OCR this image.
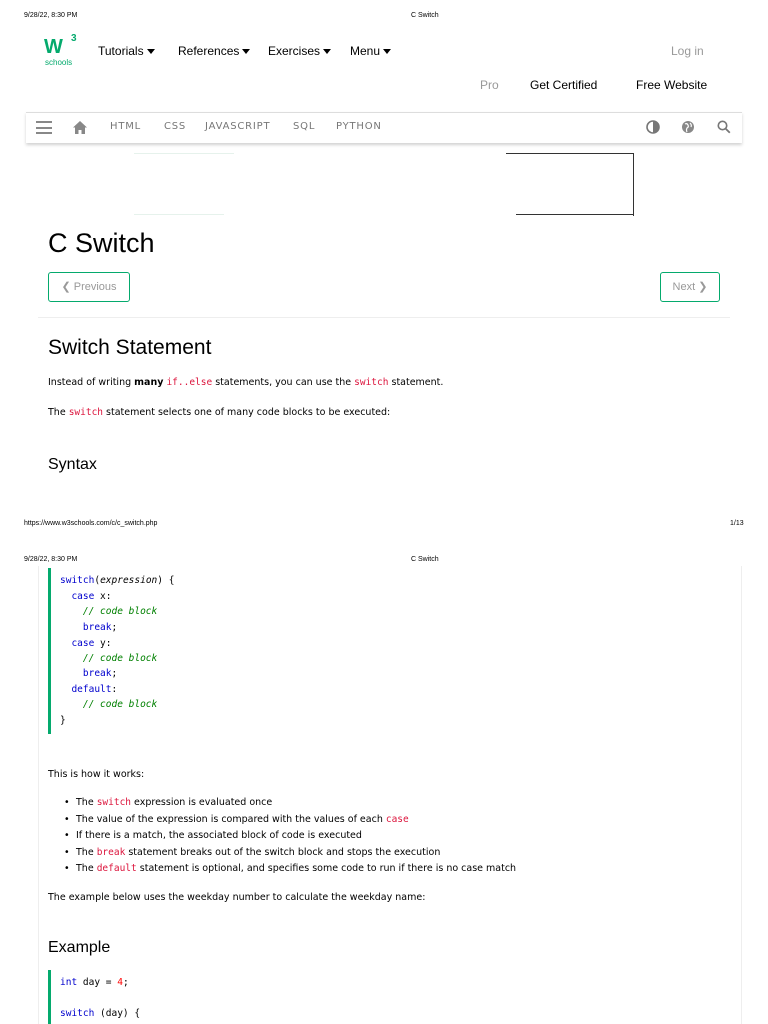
9/28/22, 8:30 PM	C Switch
W 3
schools
Tutorials	References	Exercises	Menu	Log in
Pro	Get Certified	Free Website
HTML CSS JAVASCRIPT SQL PYTHON
C Switch
❮ Previous	Next ❯
Switch Statement
Instead of writing many if..else statements, you can use the switch statement.
The switch statement selects one of many code blocks to be executed:
Syntax
https://www.w3schools.com/c/c_switch.php	1/13
9/28/22, 8:30 PM	C Switch
switch(expression) {
case x:
// code block
break;
case y:
// code block
break;
default:
// code block
}
This is how it works:
• The switch expression is evaluated once
• The value of the expression is compared with the values of each case
• If there is a match, the associated block of code is executed
• The break statement breaks out of the switch block and stops the execution
• The default statement is optional, and specifies some code to run if there is no case match
The example below uses the weekday number to calculate the weekday name:
Example
int day = 4;
switch (day) {
